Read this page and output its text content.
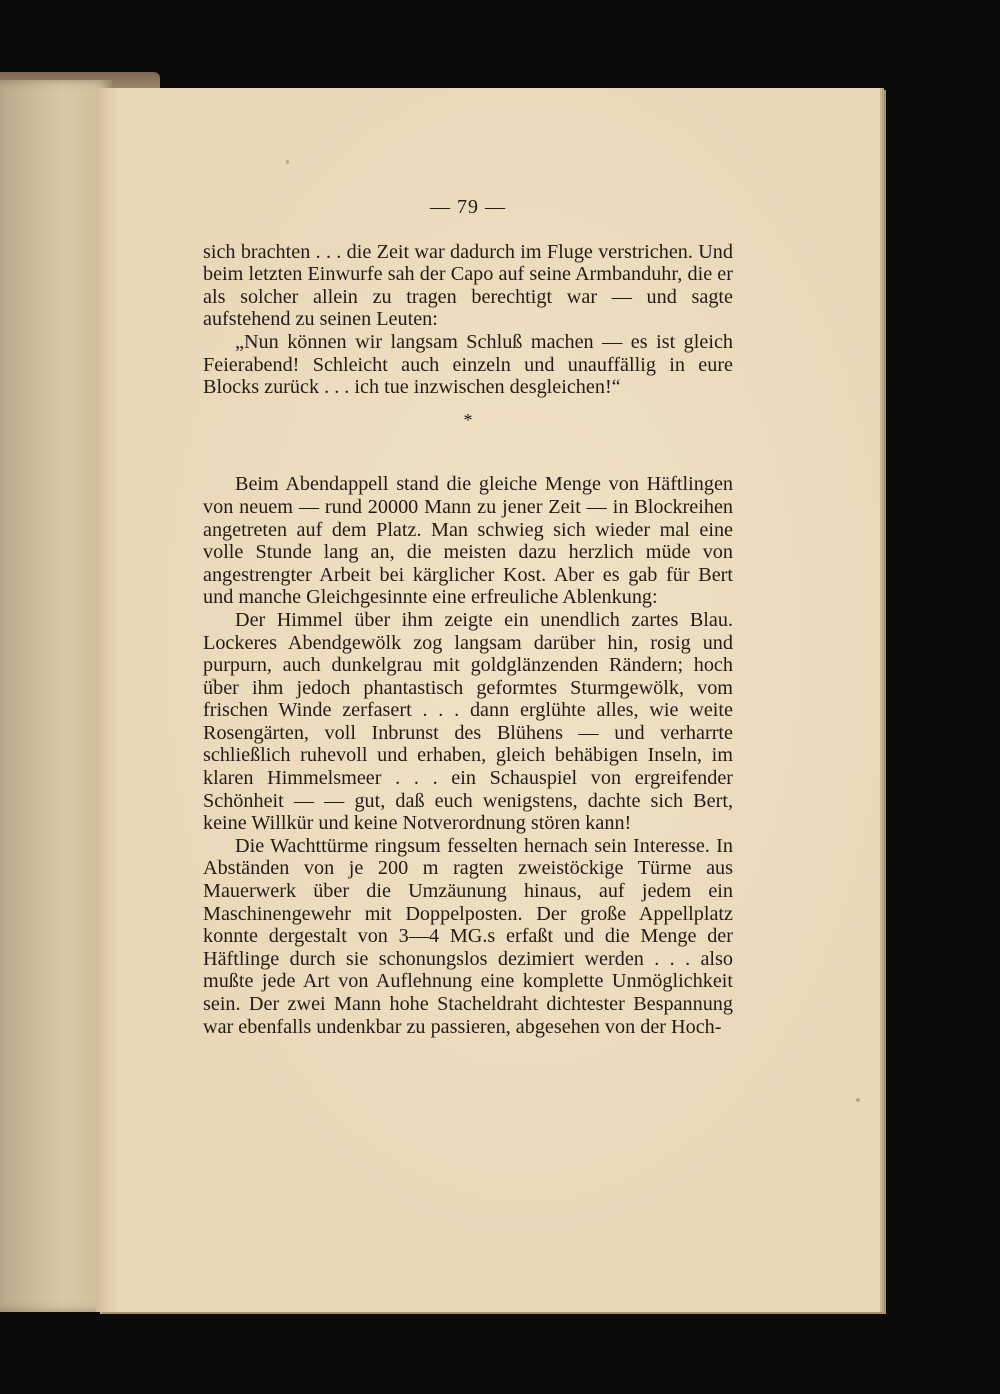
— 79 —

sich brachten . . . die Zeit war dadurch im Fluge verstrichen. Und beim letzten Einwurfe sah der Capo auf seine Armbanduhr, die er als solcher allein zu tragen berechtigt war — und sagte aufstehend zu seinen Leuten:

„Nun können wir langsam Schluß machen — es ist gleich Feierabend! Schleicht auch einzeln und unauffällig in eure Blocks zurück . . . ich tue inzwischen desgleichen!“

*

Beim Abendappell stand die gleiche Menge von Häftlingen von neuem — rund 20000 Mann zu jener Zeit — in Blockreihen angetreten auf dem Platz. Man schwieg sich wieder mal eine volle Stunde lang an, die meisten dazu herzlich müde von angestrengter Arbeit bei kärglicher Kost. Aber es gab für Bert und manche Gleichgesinnte eine erfreuliche Ablenkung:

Der Himmel über ihm zeigte ein unendlich zartes Blau. Lockeres Abendgewölk zog langsam darüber hin, rosig und purpurn, auch dunkelgrau mit goldglänzenden Rändern; hoch über ihm jedoch phantastisch geformtes Sturmgewölk, vom frischen Winde zerfasert . . . dann erglühte alles, wie weite Rosengärten, voll Inbrunst des Blühens — und verharrte schließlich ruhevoll und erhaben, gleich behäbigen Inseln, im klaren Himmelsmeer . . . ein Schauspiel von ergreifender Schönheit — — gut, daß euch wenigstens, dachte sich Bert, keine Willkür und keine Notverordnung stören kann!

Die Wachttürme ringsum fesselten hernach sein Interesse. In Abständen von je 200 m ragten zweistöckige Türme aus Mauerwerk über die Umzäunung hinaus, auf jedem ein Maschinengewehr mit Doppelposten. Der große Appellplatz konnte dergestalt von 3—4 MG.s erfaßt und die Menge der Häftlinge durch sie schonungslos dezimiert werden . . . also mußte jede Art von Auflehnung eine komplette Unmöglichkeit sein. Der zwei Mann hohe Stacheldraht dichtester Bespannung war ebenfalls undenkbar zu passieren, abgesehen von der Hoch-
